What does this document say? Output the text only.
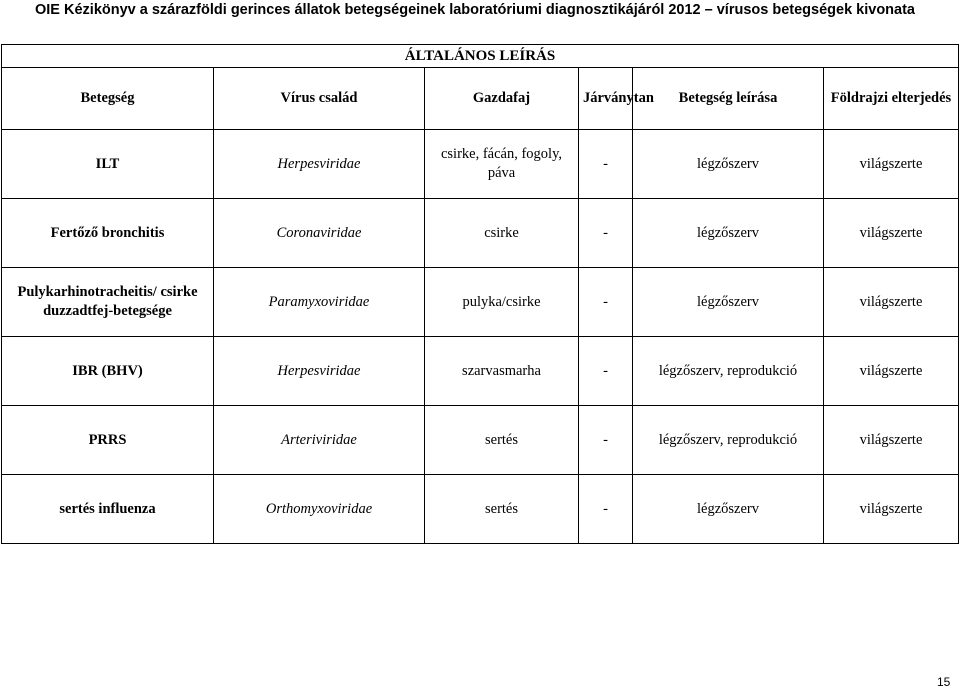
OIE Kézikönyv a szárazföldi gerinces állatok betegségeinek laboratóriumi diagnosztikájáról 2012 – vírusos betegségek kivonata
ÁLTALÁNOS LEÍRÁS					
Betegség	Vírus család	Gazdafaj	Járványtan	Betegség leírása	Földrajzi elterjedés
ILT	Herpesviridae	csirke, fácán, fogoly, páva	-	légzőszerv	világszerte
Fertőző bronchitis	Coronaviridae	csirke	-	légzőszerv	világszerte
Pulykarhinotracheitis/ csirke duzzadtfej-betegsége	Paramyxoviridae	pulyka/csirke	-	légzőszerv	világszerte
IBR (BHV)	Herpesviridae	szarvasmarha	-	légzőszerv, reprodukció	világszerte
PRRS	Arteriviridae	sertés	-	légzőszerv, reprodukció	világszerte
sertés influenza	Orthomyxoviridae	sertés	-	légzőszerv	világszerte
15
